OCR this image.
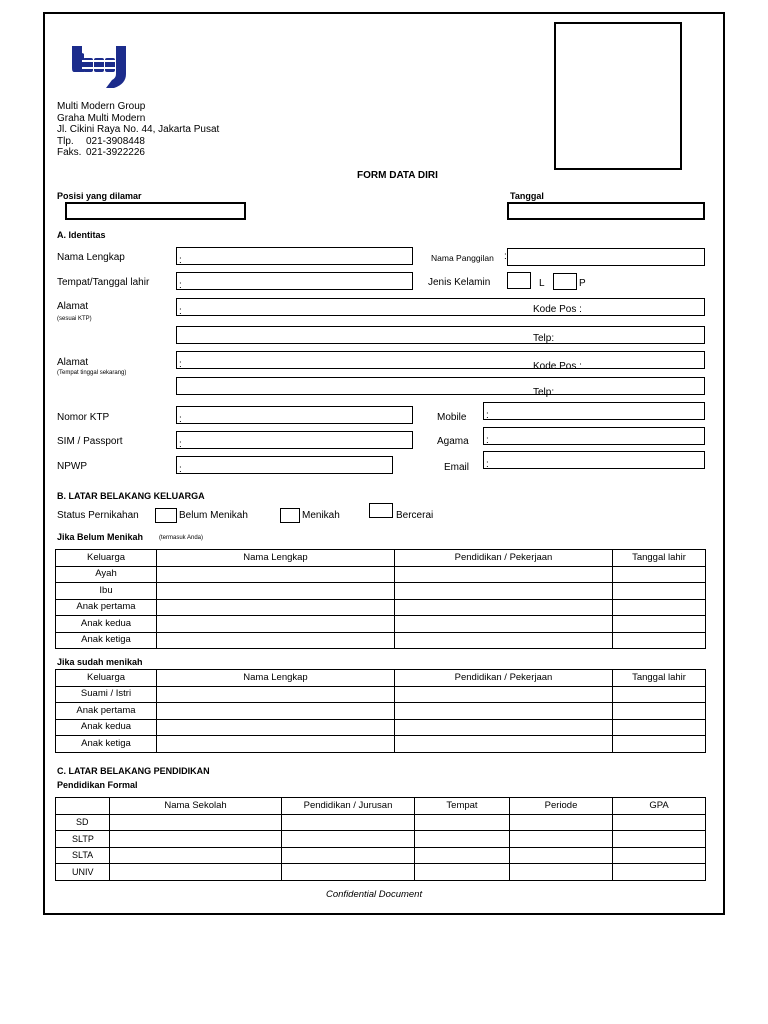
Multi Modern Group
Graha Multi Modern
Jl. Cikini Raya No. 44, Jakarta Pusat
Tlp. 021-3908448
Faks. 021-3922226
FORM DATA DIRI
Posisi yang dilamar	Tanggal
A. Identitas
Nama Lengkap	:	Nama Panggilan :
Tempat/Tanggal lahir	:	Jenis Kelamin	L	P
Alamat
(sesuai KTP)
:	Kode Pos :
Telp:
Alamat
(Tempat tinggal sekarang)
:	Kode Pos :
Telp:
Nomor KTP	:	Mobile :
SIM / Passport	:	Agama :
NPWP	:	Email :
B. LATAR BELAKANG KELUARGA
Status Pernikahan	Belum Menikah	Menikah	Bercerai
Jika Belum Menikah	(termasuk Anda)
Keluarga	Nama Lengkap	Pendidikan / Pekerjaan	Tanggal lahir
Ayah			
Ibu			
Anak pertama			
Anak kedua			
Anak ketiga			
Jika sudah menikah
Keluarga	Nama Lengkap	Pendidikan / Pekerjaan	Tanggal lahir
Suami / Istri			
Anak pertama			
Anak kedua			
Anak ketiga			
C. LATAR BELAKANG PENDIDIKAN
Pendidikan Formal
	Nama Sekolah	Pendidikan / Jurusan	Tempat	Periode	GPA
SD					
SLTP					
SLTA					
UNIV					
Confidential Document
